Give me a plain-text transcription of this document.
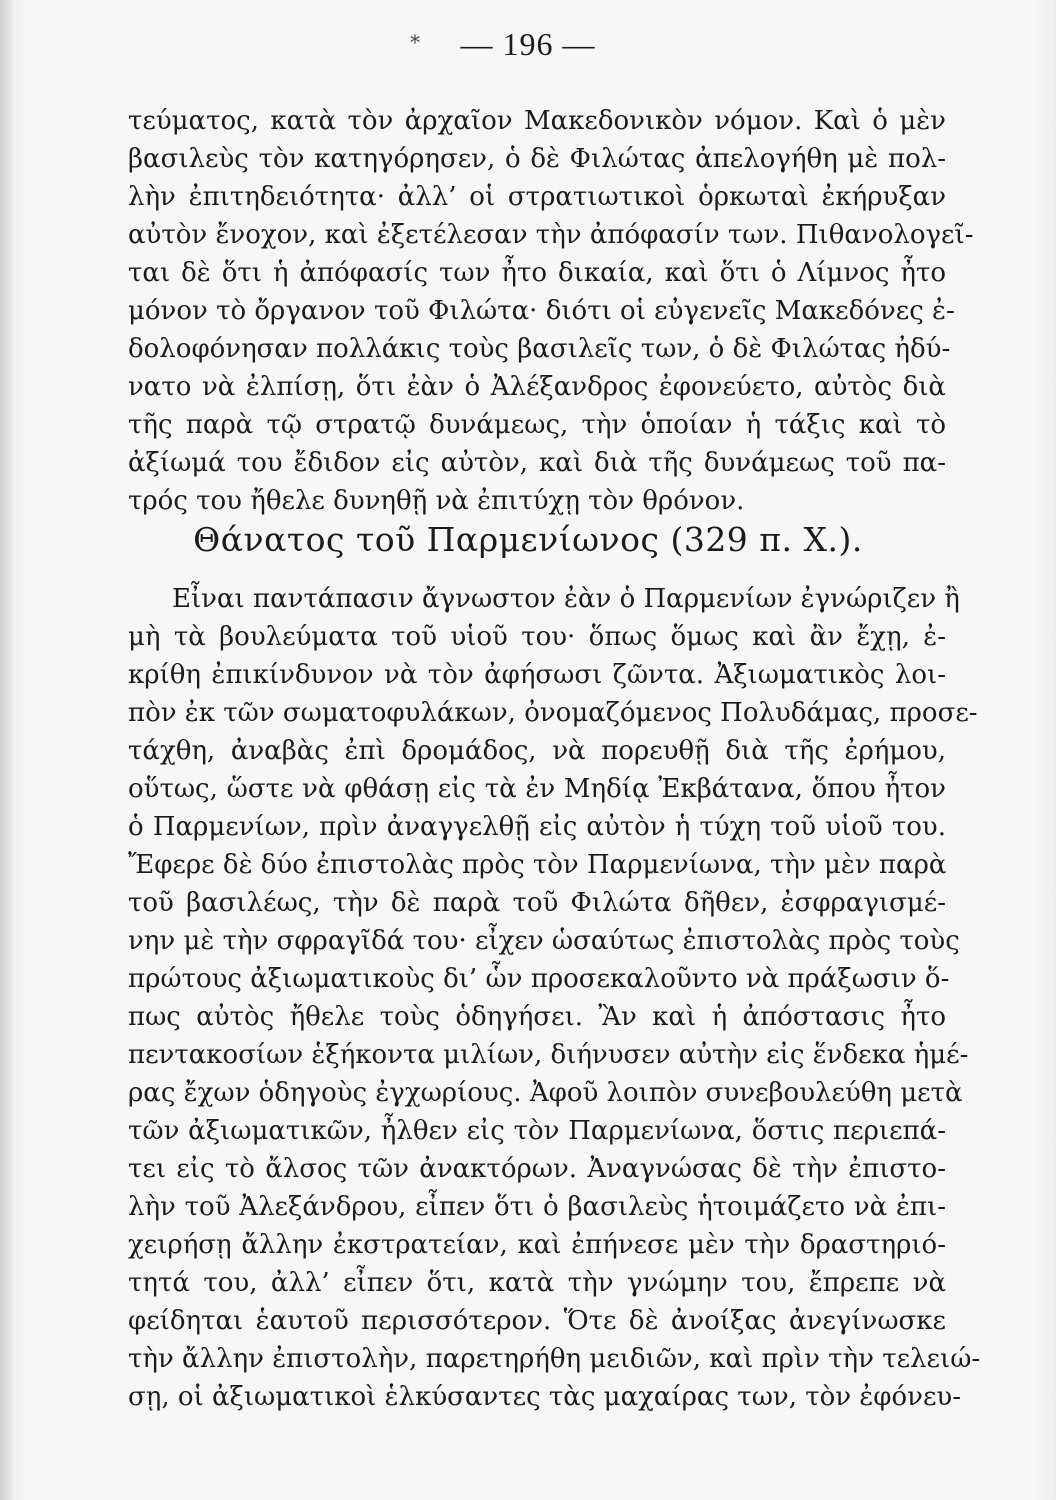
*	— 196 —
τεύματος, κατὰ τὸν ἀρχαῖον Μακεδονικὸν νόμον. Καὶ ὁ μὲν
βασιλεὺς τὸν κατηγόρησεν, ὁ δὲ Φιλώτας ἀπελογήθη μὲ πολ-
λὴν ἐπιτηδειότητα· ἀλλ’ οἱ στρατιωτικοὶ ὁρκωταὶ ἐκήρυξαν
αὐτὸν ἔνοχον, καὶ ἐξετέλεσαν τὴν ἀπόφασίν των. Πιθανολογεῖ-
ται δὲ ὅτι ἡ ἀπόφασίς των ἦτο δικαία, καὶ ὅτι ὁ Λίμνος ἦτο
μόνον τὸ ὄργανον τοῦ Φιλώτα· διότι οἱ εὐγενεῖς Μακεδόνες ἐ-
δολοφόνησαν πολλάκις τοὺς βασιλεῖς των, ὁ δὲ Φιλώτας ἠδύ-
νατο νὰ ἐλπίσῃ, ὅτι ἐὰν ὁ Ἀλέξανδρος ἐφονεύετο, αὐτὸς διὰ
τῆς παρὰ τῷ στρατῷ δυνάμεως, τὴν ὁποίαν ἡ τάξις καὶ τὸ
ἀξίωμά του ἔδιδον εἰς αὐτὸν, καὶ διὰ τῆς δυνάμεως τοῦ πα-
τρός του ἤθελε δυνηθῇ νὰ ἐπιτύχῃ τὸν θρόνον.
Θάνατος τοῦ Παρμενίωνος (329 π. Χ.).
Εἶναι παντάπασιν ἄγνωστον ἐὰν ὁ Παρμενίων ἐγνώριζεν ἢ
μὴ τὰ βουλεύματα τοῦ υἱοῦ του· ὅπως ὅμως καὶ ἂν ἔχῃ, ἐ-
κρίθη ἐπικίνδυνον νὰ τὸν ἀφήσωσι ζῶντα. Ἀξιωματικὸς λοι-
πὸν ἐκ τῶν σωματοφυλάκων, ὀνομαζόμενος Πολυδάμας, προσε-
τάχθη, ἀναβὰς ἐπὶ δρομάδος, νὰ πορευθῇ διὰ τῆς ἐρήμου,
οὕτως, ὥστε νὰ φθάσῃ εἰς τὰ ἐν Μηδίᾳ Ἐκβάτανα, ὅπου ἦτον
ὁ Παρμενίων, πρὶν ἀναγγελθῇ εἰς αὐτὸν ἡ τύχη τοῦ υἱοῦ του.
Ἔφερε δὲ δύο ἐπιστολὰς πρὸς τὸν Παρμενίωνα, τὴν μὲν παρὰ
τοῦ βασιλέως, τὴν δὲ παρὰ τοῦ Φιλώτα δῆθεν, ἐσφραγισμέ-
νην μὲ τὴν σφραγῖδά του· εἶχεν ὡσαύτως ἐπιστολὰς πρὸς τοὺς
πρώτους ἀξιωματικοὺς δι’ ὧν προσεκαλοῦντο νὰ πράξωσιν ὅ-
πως αὐτὸς ἤθελε τοὺς ὁδηγήσει. Ἂν καὶ ἡ ἀπόστασις ἦτο
πεντακοσίων ἑξήκοντα μιλίων, διήνυσεν αὐτὴν εἰς ἕνδεκα ἡμέ-
ρας ἔχων ὁδηγοὺς ἐγχωρίους. Ἀφοῦ λοιπὸν συνεβουλεύθη μετὰ
τῶν ἀξιωματικῶν, ἦλθεν εἰς τὸν Παρμενίωνα, ὅστις περιεπά-
τει εἰς τὸ ἄλσος τῶν ἀνακτόρων. Ἀναγνώσας δὲ τὴν ἐπιστο-
λὴν τοῦ Ἀλεξάνδρου, εἶπεν ὅτι ὁ βασιλεὺς ἡτοιμάζετο νὰ ἐπι-
χειρήσῃ ἄλλην ἐκστρατείαν, καὶ ἐπήνεσε μὲν τὴν δραστηριό-
τητά του, ἀλλ’ εἶπεν ὅτι, κατὰ τὴν γνώμην του, ἔπρεπε νὰ
φείδηται ἑαυτοῦ περισσότερον. Ὅτε δὲ ἀνοίξας ἀνεγίνωσκε
τὴν ἄλλην ἐπιστολὴν, παρετηρήθη μειδιῶν, καὶ πρὶν τὴν τελειώ-
σῃ, οἱ ἀξιωματικοὶ ἑλκύσαντες τὰς μαχαίρας των, τὸν ἐφόνευ-
